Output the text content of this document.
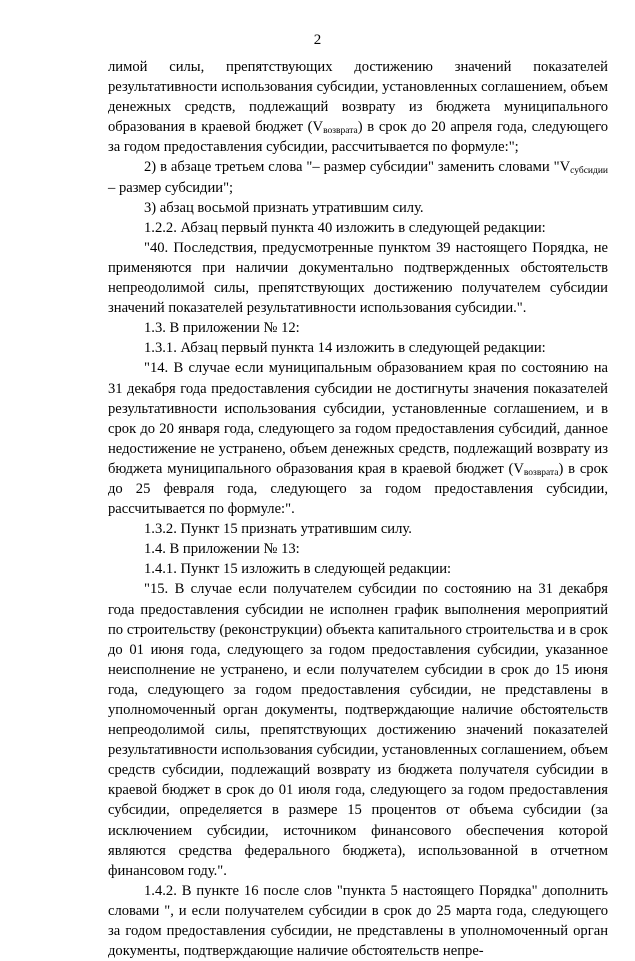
2

лимой силы, препятствующих достижению значений показателей результативности использования субсидии, установленных соглашением, объем денежных средств, подлежащий возврату из бюджета муниципального образования в краевой бюджет $(V_{возврата})$ в срок до 20 апреля года, следующего за годом предоставления субсидии, рассчитывается по формуле:";

2) в абзаце третьем слова "– размер субсидии" заменить словами "$V_{субсидии}$ – размер субсидии";

3) абзац восьмой признать утратившим силу.

1.2.2. Абзац первый пункта 40 изложить в следующей редакции:

"40. Последствия, предусмотренные пунктом 39 настоящего Порядка, не применяются при наличии документально подтвержденных обстоятельств непреодолимой силы, препятствующих достижению получателем субсидии значений показателей результативности использования субсидии.".

1.3. В приложении № 12:

1.3.1. Абзац первый пункта 14 изложить в следующей редакции:

"14. В случае если муниципальным образованием края по состоянию на 31 декабря года предоставления субсидии не достигнуты значения показателей результативности использования субсидии, установленные соглашением, и в срок до 20 января года, следующего за годом предоставления субсидий, данное недостижение не устранено, объем денежных средств, подлежащий возврату из бюджета муниципального образования края в краевой бюджет $(V_{возврата})$ в срок до 25 февраля года, следующего за годом предоставления субсидии, рассчитывается по формуле:".

1.3.2. Пункт 15 признать утратившим силу.

1.4. В приложении № 13:

1.4.1. Пункт 15 изложить в следующей редакции:

"15. В случае если получателем субсидии по состоянию на 31 декабря года предоставления субсидии не исполнен график выполнения мероприятий по строительству (реконструкции) объекта капитального строительства и в срок до 01 июня года, следующего за годом предоставления субсидии, указанное неисполнение не устранено, и если получателем субсидии в срок до 15 июня года, следующего за годом предоставления субсидии, не представлены в уполномоченный орган документы, подтверждающие наличие обстоятельств непреодолимой силы, препятствующих достижению значений показателей результативности использования субсидии, установленных соглашением, объем средств субсидии, подлежащий возврату из бюджета получателя субсидии в краевой бюджет в срок до 01 июля года, следующего за годом предоставления субсидии, определяется в размере 15 процентов от объема субсидии (за исключением субсидии, источником финансового обеспечения которой являются средства федерального бюджета), использованной в отчетном финансовом году.".

1.4.2. В пункте 16 после слов "пункта 5 настоящего Порядка" дополнить словами ", и если получателем субсидии в срок до 25 марта года, следующего за годом предоставления субсидии, не представлены в уполномоченный орган документы, подтверждающие наличие обстоятельств непре-
